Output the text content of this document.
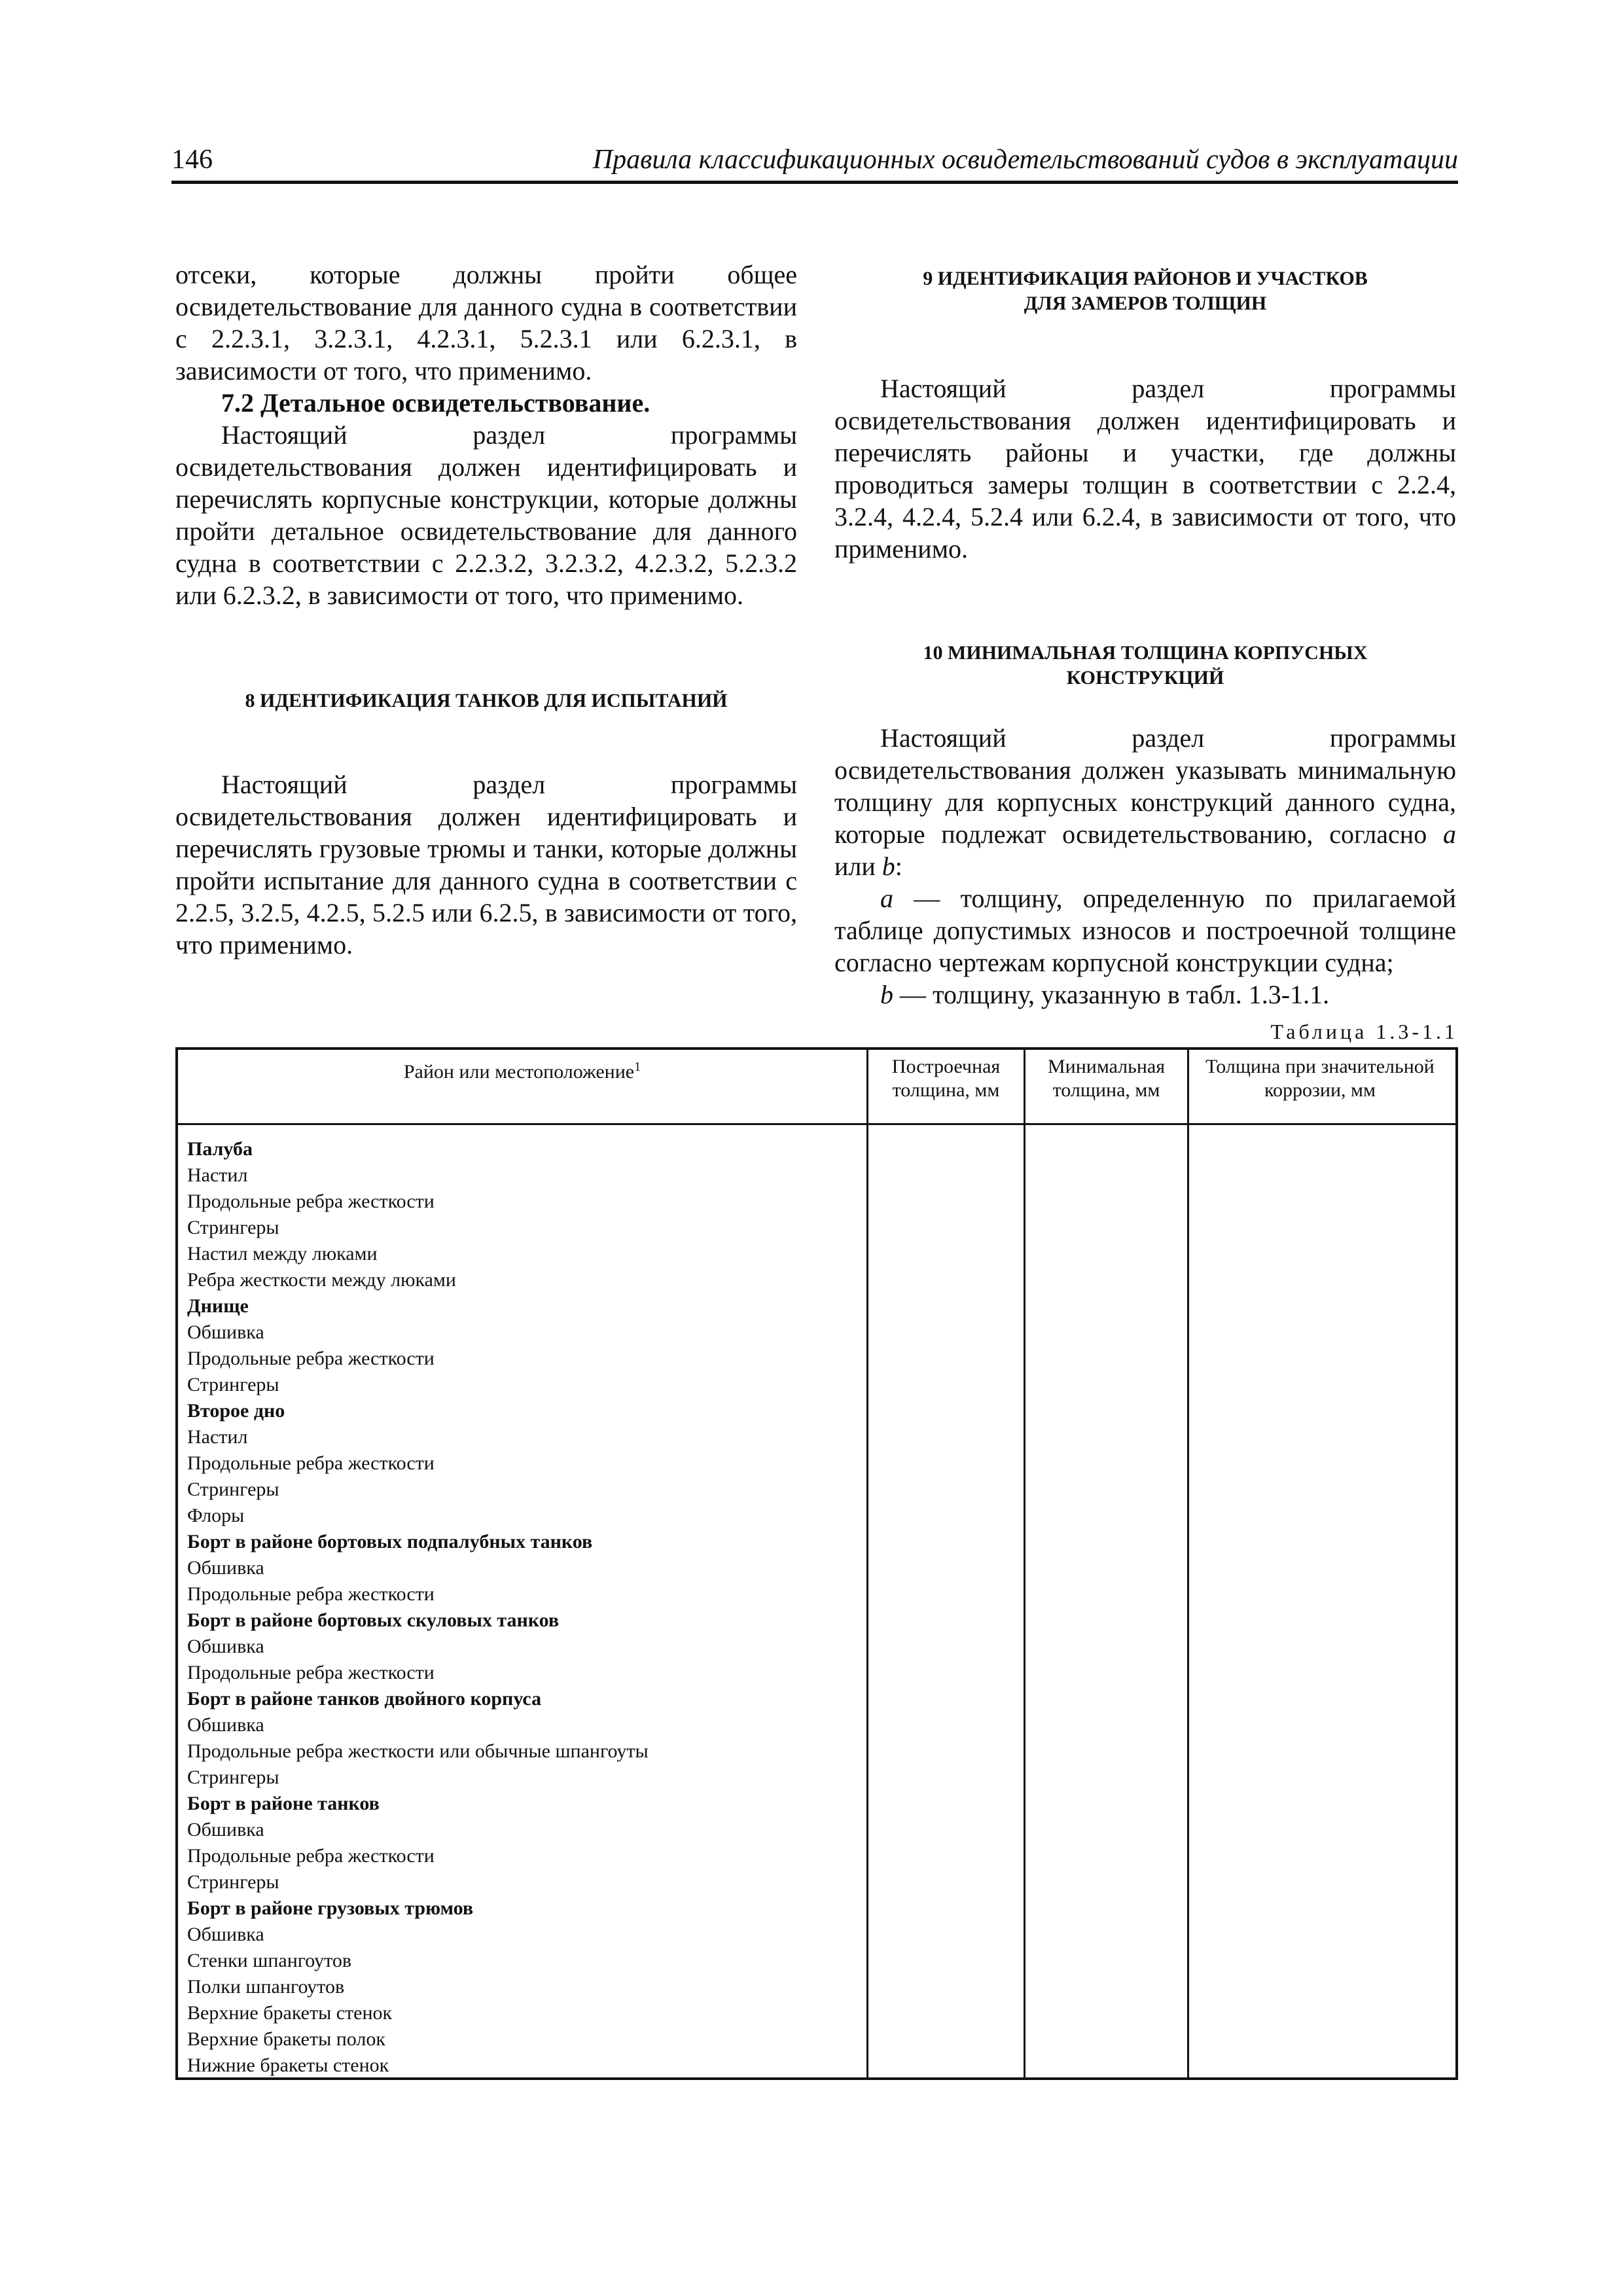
146	Правила классификационных освидетельствований судов в эксплуатации

отсеки, которые должны пройти общее освидетельствование для данного судна в соответствии с 2.2.3.1, 3.2.3.1, 4.2.3.1, 5.2.3.1 или 6.2.3.1, в зависимости от того, что применимо.

7.2 Детальное освидетельствование.

Настоящий раздел программы освидетельствования должен идентифицировать и перечислять корпусные конструкции, которые должны пройти детальное освидетельствование для данного судна в соответствии с 2.2.3.2, 3.2.3.2, 4.2.3.2, 5.2.3.2 или 6.2.3.2, в зависимости от того, что применимо.

8 ИДЕНТИФИКАЦИЯ ТАНКОВ ДЛЯ ИСПЫТАНИЙ

Настоящий раздел программы освидетельствования должен идентифицировать и перечислять грузовые трюмы и танки, которые должны пройти испытание для данного судна в соответствии с 2.2.5, 3.2.5, 4.2.5, 5.2.5 или 6.2.5, в зависимости от того, что применимо.

9 ИДЕНТИФИКАЦИЯ РАЙОНОВ И УЧАСТКОВ
ДЛЯ ЗАМЕРОВ ТОЛЩИН

Настоящий раздел программы освидетельствования должен идентифицировать и перечислять районы и участки, где должны проводиться замеры толщин в соответствии с 2.2.4, 3.2.4, 4.2.4, 5.2.4 или 6.2.4, в зависимости от того, что применимо.

10 МИНИМАЛЬНАЯ ТОЛЩИНА КОРПУСНЫХ
КОНСТРУКЦИЙ

Настоящий раздел программы освидетельствования должен указывать минимальную толщину для корпусных конструкций данного судна, которые подлежат освидетельствованию, согласно a или b:

a — толщину, определенную по прилагаемой таблице допустимых износов и построечной толщине согласно чертежам корпусной конструкции судна;

b — толщину, указанную в табл. 1.3-1.1.

Таблица 1.3-1.1
Район или местоположение$^1$	Построечная
толщина, мм
Минимальная
толщина, мм
Толщина при значительной
коррозии, мм
Палуба
Настил
Продольные ребра жесткости
Стрингеры
Настил между люками
Ребра жесткости между люками
Днище
Обшивка
Продольные ребра жесткости
Стрингеры
Второе дно
Настил
Продольные ребра жесткости
Стрингеры
Флоры
Борт в районе бортовых подпалубных танков
Обшивка
Продольные ребра жесткости
Борт в районе бортовых скуловых танков
Обшивка
Продольные ребра жесткости
Борт в районе танков двойного корпуса
Обшивка
Продольные ребра жесткости или обычные шпангоуты
Стрингеры
Борт в районе танков
Обшивка
Продольные ребра жесткости
Стрингеры
Борт в районе грузовых трюмов
Обшивка
Стенки шпангоутов
Полки шпангоутов
Верхние бракеты стенок
Верхние бракеты полок
Нижние бракеты стенок
